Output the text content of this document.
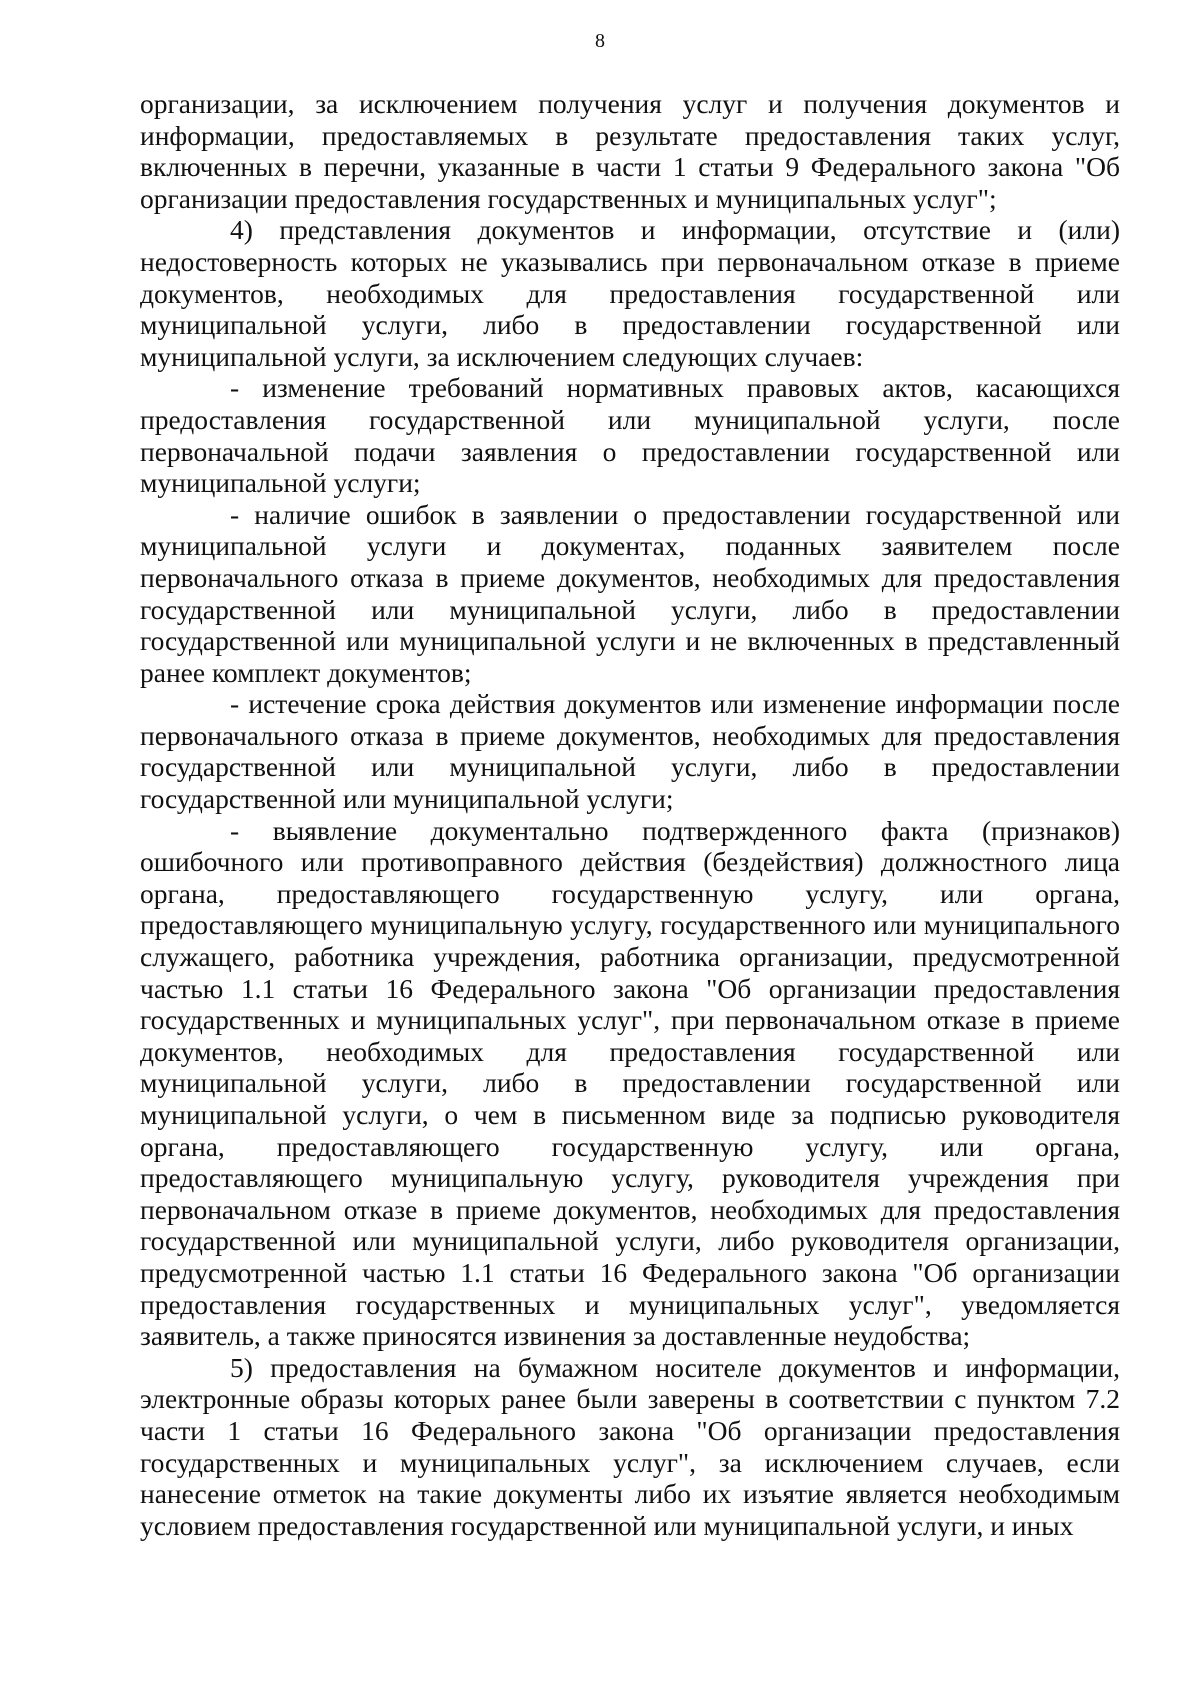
8

организации, за исключением получения услуг и получения документов и информации, предоставляемых в результате предоставления таких услуг, включенных в перечни, указанные в части 1 статьи 9 Федерального закона "Об организации предоставления государственных и муниципальных услуг";

4) представления документов и информации, отсутствие и (или) недостоверность которых не указывались при первоначальном отказе в приеме документов, необходимых для предоставления государственной или муниципальной услуги, либо в предоставлении государственной или муниципальной услуги, за исключением следующих случаев:

- изменение требований нормативных правовых актов, касающихся предоставления государственной или муниципальной услуги, после первоначальной подачи заявления о предоставлении государственной или муниципальной услуги;

- наличие ошибок в заявлении о предоставлении государственной или муниципальной услуги и документах, поданных заявителем после первоначального отказа в приеме документов, необходимых для предоставления государственной или муниципальной услуги, либо в предоставлении государственной или муниципальной услуги и не включенных в представленный ранее комплект документов;

- истечение срока действия документов или изменение информации после первоначального отказа в приеме документов, необходимых для предоставления государственной или муниципальной услуги, либо в предоставлении государственной или муниципальной услуги;

- выявление документально подтвержденного факта (признаков) ошибочного или противоправного действия (бездействия) должностного лица органа, предоставляющего государственную услугу, или органа, предоставляющего муниципальную услугу, государственного или муниципального служащего, работника учреждения, работника организации, предусмотренной частью 1.1 статьи 16 Федерального закона "Об организации предоставления государственных и муниципальных услуг", при первоначальном отказе в приеме документов, необходимых для предоставления государственной или муниципальной услуги, либо в предоставлении государственной или муниципальной услуги, о чем в письменном виде за подписью руководителя органа, предоставляющего государственную услугу, или органа, предоставляющего муниципальную услугу, руководителя учреждения при первоначальном отказе в приеме документов, необходимых для предоставления государственной или муниципальной услуги, либо руководителя организации, предусмотренной частью 1.1 статьи 16 Федерального закона "Об организации предоставления государственных и муниципальных услуг", уведомляется заявитель, а также приносятся извинения за доставленные неудобства;

5) предоставления на бумажном носителе документов и информации, электронные образы которых ранее были заверены в соответствии с пунктом 7.2 части 1 статьи 16 Федерального закона "Об организации предоставления государственных и муниципальных услуг", за исключением случаев, если нанесение отметок на такие документы либо их изъятие является необходимым условием предоставления государственной или муниципальной услуги, и иных
